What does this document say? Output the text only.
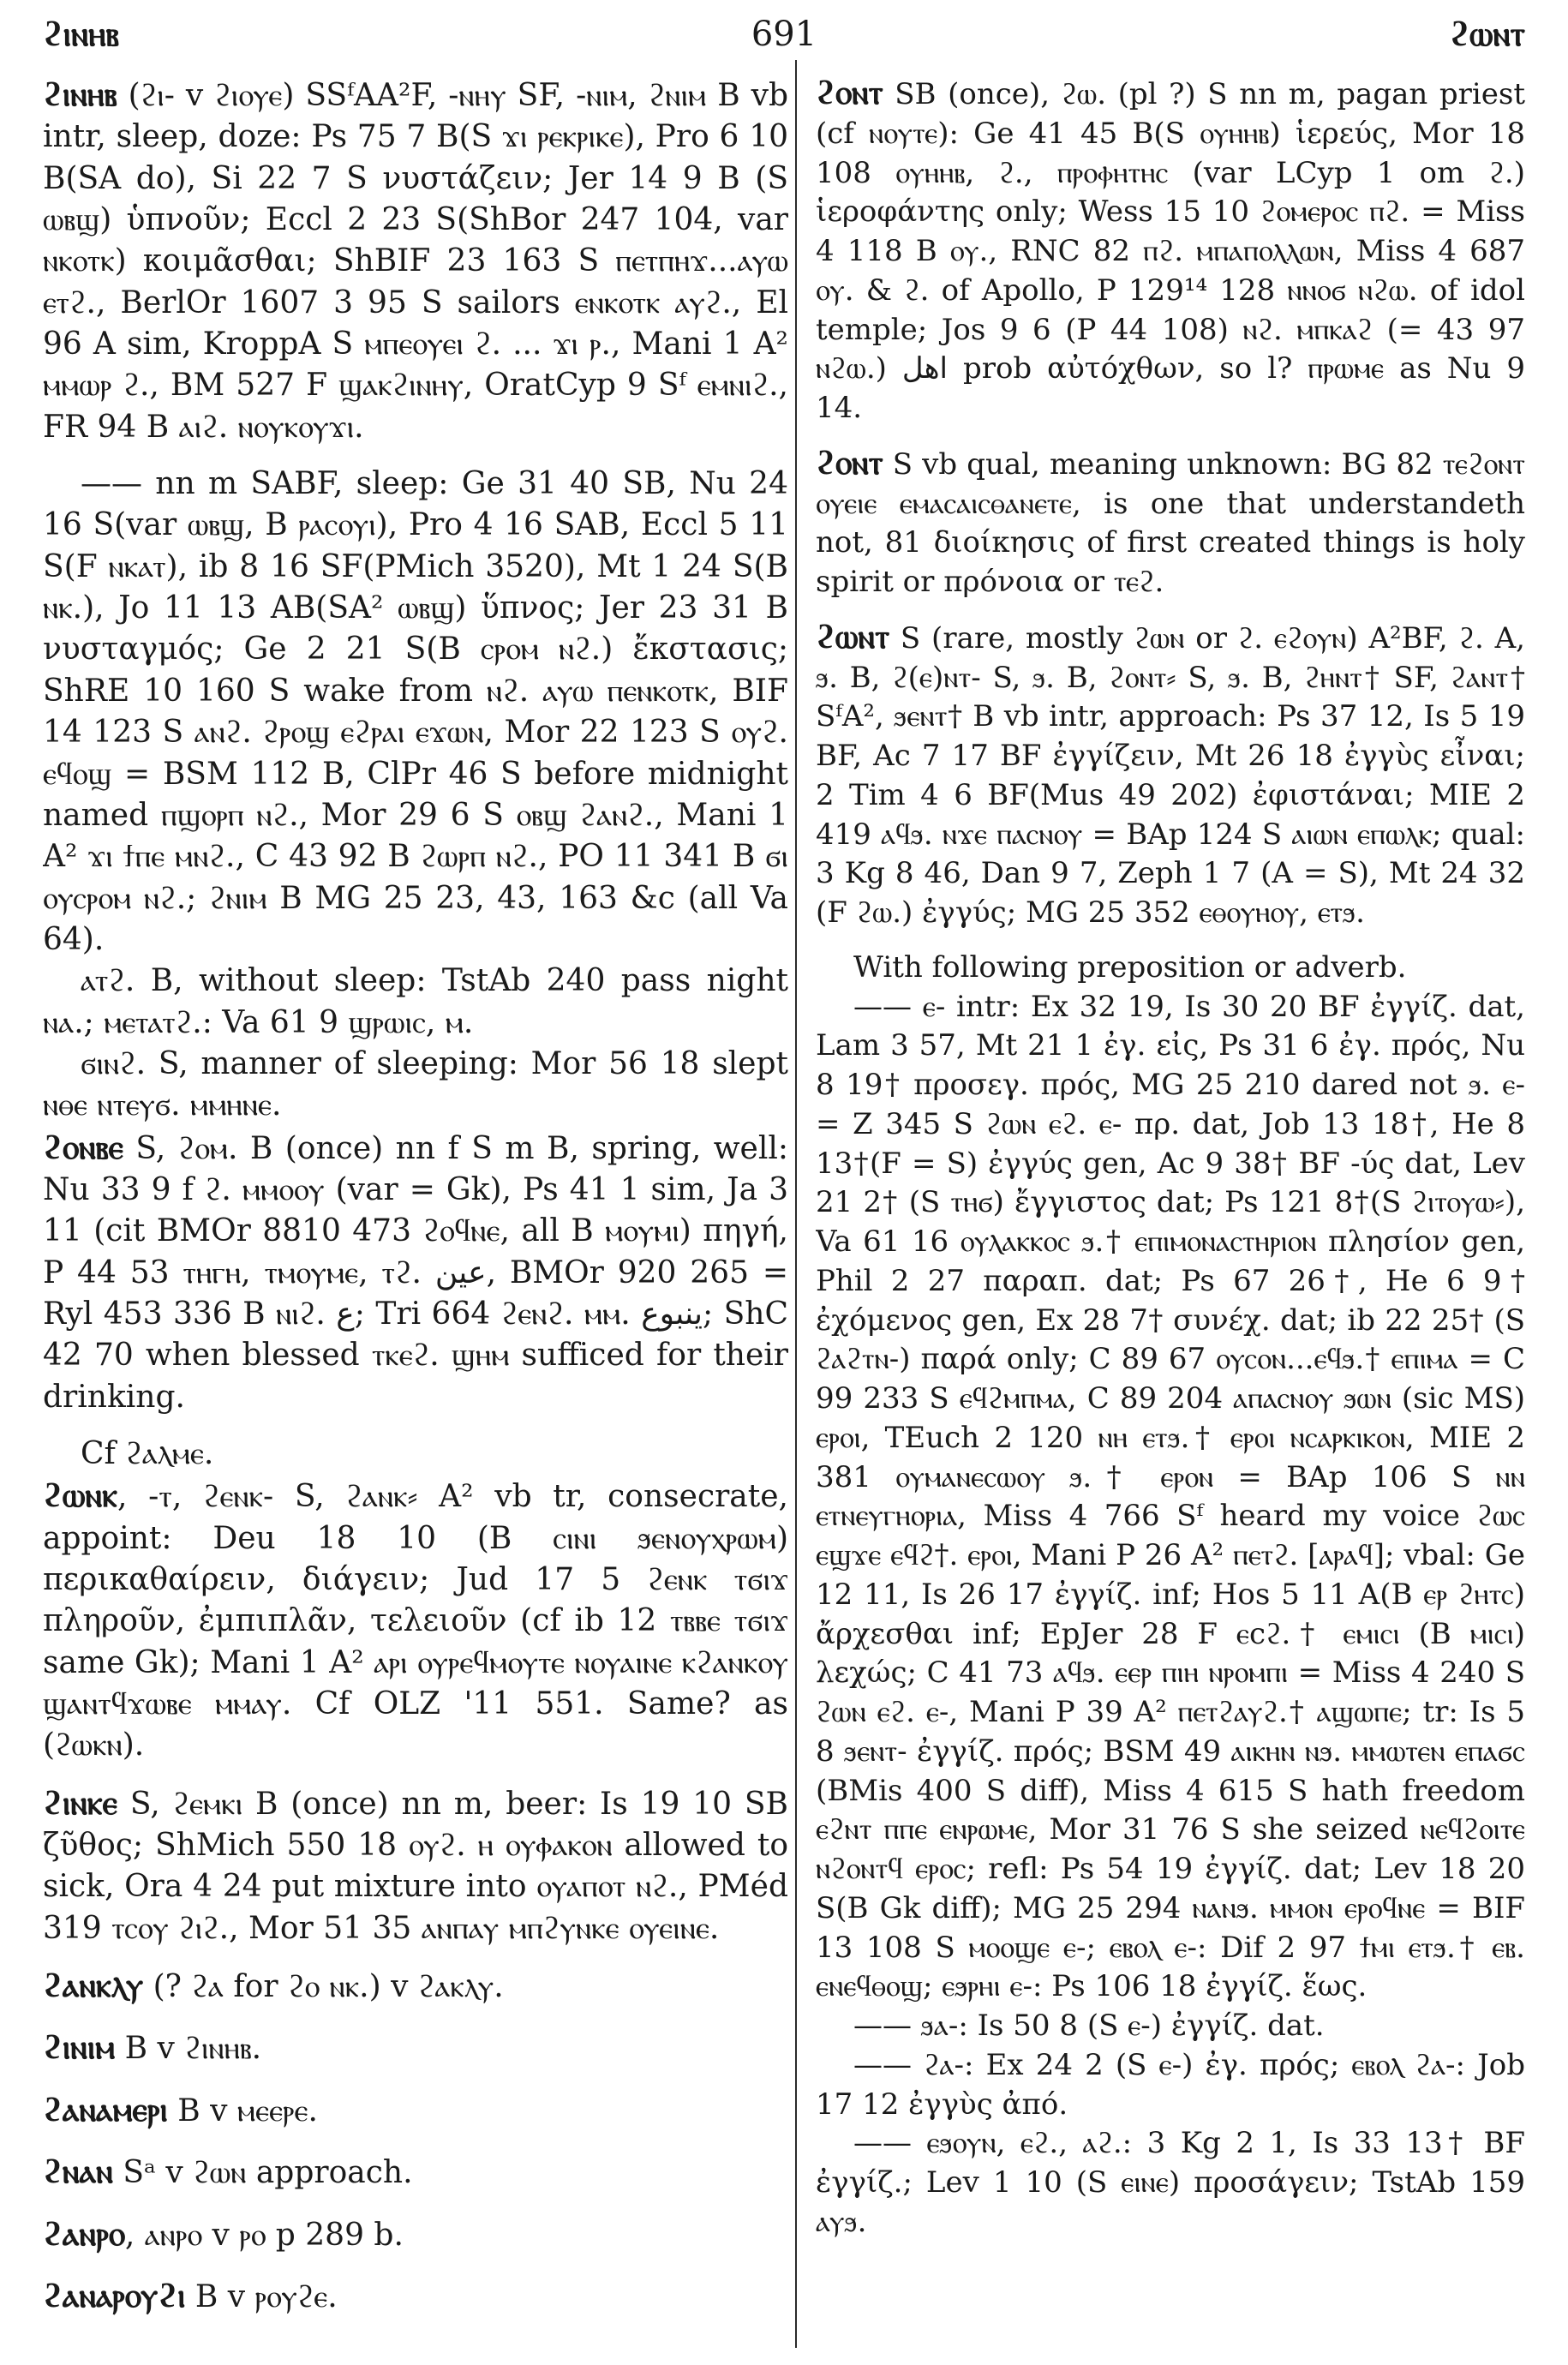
ϩⲓⲛⲏⲃ	691	ϩⲱⲛⲧ

ϩⲓⲛⲏⲃ (ϩⲓ- v ϩⲓⲟⲩⲉ) SSᶠAA²F, -ⲛⲏⲩ SF, -ⲛⲓⲙ, ϩⲛⲓⲙ B vb intr, sleep, doze: Ps 75 7 B(S ϫⲓ ⲣⲉⲕⲣⲓⲕⲉ), Pro 6 10 B(SA do), Si 22 7 S νυστάζειν; Jer 14 9 B (S ⲱⲃϣ) ὑπνοῦν; Eccl 2 23 S(ShBor 247 104, var ⲛⲕⲟⲧⲕ) κοιμᾶσθαι; ShBIF 23 163 S ⲡⲉⲧⲡⲏϫ...ⲁⲩⲱ ⲉⲧϩ., BerlOr 1607 3 95 S sailors ⲉⲛⲕⲟⲧⲕ ⲁⲩϩ., El 96 A sim, KroppA S ⲙⲡⲉⲟⲩⲉⲓ ϩ. ... ϫⲓ ⲣ., Mani 1 A² ⲙⲙⲱⲣ ϩ., BM 527 F ϣⲁⲕϩⲓⲛⲏⲩ, OratCyp 9 Sᶠ ⲉⲙⲛⲓϩ., FR 94 B ⲁⲓϩ. ⲛⲟⲩⲕⲟⲩϫⲓ.

—— nn m SABF, sleep: Ge 31 40 SB, Nu 24 16 S(var ⲱⲃϣ, B ⲣⲁⲥⲟⲩⲓ), Pro 4 16 SAB, Eccl 5 11 S(F ⲛⲕⲁⲧ), ib 8 16 SF(PMich 3520), Mt 1 24 S(B ⲛⲕ.), Jo 11 13 AB(SA² ⲱⲃϣ) ὕπνος; Jer 23 31 B νυσταγμός; Ge 2 21 S(B ⲥⲣⲟⲙ ⲛϩ.) ἔκστασις; ShRE 10 160 S wake from ⲛϩ. ⲁⲩⲱ ⲡⲉⲛⲕⲟⲧⲕ, BIF 14 123 S ⲁⲛϩ. ϩⲣⲟϣ ⲉϩⲣⲁⲓ ⲉϫⲱⲛ, Mor 22 123 S ⲟⲩϩ. ⲉϥⲟϣ = BSM 112 B, ClPr 46 S before midnight named ⲡϣⲟⲣⲡ ⲛϩ., Mor 29 6 S ⲟⲃϣ ϩⲁⲛϩ., Mani 1 A² ϫⲓ ϯⲡⲉ ⲙⲛϩ., C 43 92 B ϩⲱⲣⲡ ⲛϩ., PO 11 341 B ϭⲓ ⲟⲩⲥⲣⲟⲙ ⲛϩ.; ϩⲛⲓⲙ B MG 25 23, 43, 163 &c (all Va 64).

ⲁⲧϩ. B, without sleep: TstAb 240 pass night ⲛⲁ.; ⲙⲉⲧⲁⲧϩ.: Va 61 9 ϣⲣⲱⲓⲥ, ⲙ.

ϭⲓⲛϩ. S, manner of sleeping: Mor 56 18 slept ⲛⲑⲉ ⲛⲧⲉⲩϭ. ⲙⲙⲏⲛⲉ.

ϩⲟⲛⲃⲉ S, ϩⲟⲙ. B (once) nn f S m B, spring, well: Nu 33 9 f ϩ. ⲙⲙⲟⲟⲩ (var = Gk), Ps 41 1 sim, Ja 3 11 (cit BMOr 8810 473 ϩⲟϥⲛⲉ, all B ⲙⲟⲩⲙⲓ) πηγή, P 44 53 ⲧⲏⲅⲏ, ⲧⲙⲟⲩⲙⲉ, ⲧϩ. عين, BMOr 920 265 = Ryl 453 336 B ⲛⲓϩ. ع; Tri 664 ϩⲉⲛϩ. ⲙⲙ. ينبوع; ShC 42 70 when blessed ⲧⲕⲉϩ. ϣⲏⲙ sufficed for their drinking.

Cf ϩⲁⲗⲙⲉ.

ϩⲱⲛⲕ, -ⲧ, ϩⲉⲛⲕ- S, ϩⲁⲛⲕ⸗ A² vb tr, consecrate, appoint: Deu 18 10 (B ⲥⲓⲛⲓ ϧⲉⲛⲟⲩⲭⲣⲱⲙ) περικαθαίρειν, διάγειν; Jud 17 5 ϩⲉⲛⲕ ⲧϭⲓϫ πληροῦν, ἐμπιπλᾶν, τελειοῦν (cf ib 12 ⲧⲃⲃⲉ ⲧϭⲓϫ same Gk); Mani 1 A² ⲁⲣⲓ ⲟⲩⲣⲉϥⲙⲟⲩⲧⲉ ⲛⲟⲩⲁⲓⲛⲉ ⲕϩⲁⲛⲕⲟⲩ ϣⲁⲛⲧϥϫⲱⲃⲉ ⲙⲙⲁⲩ. Cf OLZ '11 551. Same? as (ϩⲱⲕⲛ).

ϩⲓⲛⲕⲉ S, ϩⲉⲙⲕⲓ B (once) nn m, beer: Is 19 10 SB ζῦθος; ShMich 550 18 ⲟⲩϩ. ⲏ ⲟⲩⲫⲁⲕⲟⲛ allowed to sick, Ora 4 24 put mixture into ⲟⲩⲁⲡⲟⲧ ⲛϩ., PMéd 319 ⲧⲥⲟⲩ ϩⲓϩ., Mor 51 35 ⲁⲛⲡⲁⲩ ⲙⲡϩⲩⲛⲕⲉ ⲟⲩⲉⲓⲛⲉ.

ϩⲁⲛⲕⲗⲩ (? ϩⲁ for ϩⲟ ⲛⲕ.) v ϩⲁⲕⲗⲩ.

ϩⲓⲛⲓⲙ B v ϩⲓⲛⲏⲃ.

ϩⲁⲛⲁⲙⲉⲣⲓ B v ⲙⲉⲉⲣⲉ.

ϩⲛⲁⲛ Sᵃ v ϩⲱⲛ approach.

ϩⲁⲛⲣⲟ, ⲁⲛⲣⲟ v ⲣⲟ p 289 b.

ϩⲁⲛⲁⲣⲟⲩϩⲓ B v ⲣⲟⲩϩⲉ.

ϩⲟⲛⲧ SB (once), ϩⲱ. (pl ?) S nn m, pagan priest (cf ⲛⲟⲩⲧⲉ): Ge 41 45 B(S ⲟⲩⲏⲏⲃ) ἱερεύς, Mor 18 108 ⲟⲩⲏⲏⲃ, ϩ., ⲡⲣⲟⲫⲏⲧⲏⲥ (var LCyp 1 om ϩ.) ἱεροφάντης only; Wess 15 10 ϩⲟⲙⲉⲣⲟⲥ ⲡϩ. = Miss 4 118 B ⲟⲩ., RNC 82 ⲡϩ. ⲙⲡⲁⲡⲟⲗⲗⲱⲛ, Miss 4 687 ⲟⲩ. & ϩ. of Apollo, P 129¹⁴ 128 ⲛⲛⲟϭ ⲛϩⲱ. of idol temple; Jos 9 6 (P 44 108) ⲛϩ. ⲙⲡⲕⲁϩ (= 43 97 ⲛϩⲱ.) اهل prob αὐτόχθων, so l? ⲡⲣⲱⲙⲉ as Nu 9 14.

ϩⲟⲛⲧ S vb qual, meaning unknown: BG 82 ⲧⲉϩⲟⲛⲧ ⲟⲩⲉⲓⲉ ⲉⲙⲁⲥⲁⲓⲥⲑⲁⲛⲉⲧⲉ, is one that understandeth not, 81 διοίκησις of first created things is holy spirit or πρόνοια or ⲧⲉϩ.

ϩⲱⲛⲧ S (rare, mostly ϩⲱⲛ or ϩ. ⲉϩⲟⲩⲛ) A²BF, ϩ. A, ϧ. B, ϩ(ⲉ)ⲛⲧ- S, ϧ. B, ϩⲟⲛⲧ⸗ S, ϧ. B, ϩⲏⲛⲧ† SF, ϩⲁⲛⲧ† SᶠA², ϧⲉⲛⲧ† B vb intr, approach: Ps 37 12, Is 5 19 BF, Ac 7 17 BF ἐγγίζειν, Mt 26 18 ἐγγὺς εἶναι; 2 Tim 4 6 BF(Mus 49 202) ἐφιστάναι; MIE 2 419 ⲁϥϧ. ⲛϫⲉ ⲡⲁⲥⲛⲟⲩ = BAp 124 S ⲁⲓⲱⲛ ⲉⲡⲱⲗⲕ; qual: 3 Kg 8 46, Dan 9 7, Zeph 1 7 (A = S), Mt 24 32 (F ϩⲱ.) ἐγγύς; MG 25 352 ⲉⲑⲟⲩⲏⲟⲩ, ⲉⲧϧ.

With following preposition or adverb.

—— ⲉ- intr: Ex 32 19, Is 30 20 BF ἐγγίζ. dat, Lam 3 57, Mt 21 1 ἐγ. εἰς, Ps 31 6 ἐγ. πρός, Nu 8 19† προσεγ. πρός, MG 25 210 dared not ϧ. ⲉ- = Z 345 S ϩⲱⲛ ⲉϩ. ⲉ- πρ. dat, Job 13 18†, He 8 13†(F = S) ἐγγύς gen, Ac 9 38† BF -ύς dat, Lev 21 2† (S ⲧⲏϭ) ἔγγιστος dat; Ps 121 8†(S ϩⲓⲧⲟⲩⲱ⸗), Va 61 16 ⲟⲩⲗⲁⲕⲕⲟⲥ ϧ.† ⲉⲡⲓⲙⲟⲛⲁⲥⲧⲏⲣⲓⲟⲛ πλησίον gen, Phil 2 27 παραπ. dat; Ps 67 26†, He 6 9† ἐχόμενος gen, Ex 28 7† συνέχ. dat; ib 22 25† (S ϩⲁϩⲧⲛ-) παρά only; C 89 67 ⲟⲩⲥⲟⲛ...ⲉϥϧ.† ⲉⲡⲓⲙⲁ = C 99 233 S ⲉϥϩⲙⲡⲙⲁ, C 89 204 ⲁⲡⲁⲥⲛⲟⲩ ϧⲱⲛ (sic MS) ⲉⲣⲟⲓ, TEuch 2 120 ⲛⲏ ⲉⲧϧ.† ⲉⲣⲟⲓ ⲛⲥⲁⲣⲕⲓⲕⲟⲛ, MIE 2 381 ⲟⲩⲙⲁⲛⲉⲥⲱⲟⲩ ϧ.† ⲉⲣⲟⲛ = BAp 106 S ⲛⲛ ⲉⲧⲛⲉⲩⲅⲏⲟⲣⲓⲁ, Miss 4 766 Sᶠ heard my voice ϩⲱⲥ ⲉϣϫⲉ ⲉϥϩ†. ⲉⲣⲟⲓ, Mani P 26 A² ⲡⲉⲧϩ. [ⲁⲣⲁϥ]; vbal: Ge 12 11, Is 26 17 ἐγγίζ. inf; Hos 5 11 A(B ⲉⲣ ϩⲏⲧⲥ) ἄρχεσθαι inf; EpJer 28 F ⲉϲϩ.† ⲉⲙⲓⲥⲓ (B ⲙⲓⲥⲓ) λεχώς; C 41 73 ⲁϥϧ. ⲉⲉⲣ ⲡⲓⲏ ⲛⲣⲟⲙⲡⲓ = Miss 4 240 S ϩⲱⲛ ⲉϩ. ⲉ-, Mani P 39 A² ⲡⲉⲧϩⲁⲩϩ.† ⲁϣⲱⲡⲉ; tr: Is 5 8 ϧⲉⲛⲧ- ἐγγίζ. πρός; BSM 49 ⲁⲓⲕⲏⲛ ⲛϧ. ⲙⲙⲱⲧⲉⲛ ⲉⲡⲁϭⲥ (BMis 400 S diff), Miss 4 615 S hath freedom ⲉϩⲛⲧ ⲡⲡⲉ ⲉⲛⲣⲱⲙⲉ, Mor 31 76 S she seized ⲛⲉϥϩⲟⲓⲧⲉ ⲛϩⲟⲛⲧϥ ⲉⲣⲟⲥ; refl: Ps 54 19 ἐγγίζ. dat; Lev 18 20 S(B Gk diff); MG 25 294 ⲛⲁⲛϧ. ⲙⲙⲟⲛ ⲉⲣⲟϥⲛⲉ = BIF 13 108 S ⲙⲟⲟϣⲉ ⲉ-; ⲉⲃⲟⲗ ⲉ-: Dif 2 97 ϯⲙⲓ ⲉⲧϧ.† ⲉⲃ. ⲉⲛⲉϥⲑⲟϣ; ⲉϧⲣⲏⲓ ⲉ-: Ps 106 18 ἐγγίζ. ἕως.

—— ϧⲁ-: Is 50 8 (S ⲉ-) ἐγγίζ. dat.

—— ϩⲁ-: Ex 24 2 (S ⲉ-) ἐγ. πρός; ⲉⲃⲟⲗ ϩⲁ-: Job 17 12 ἐγγὺς ἀπό.

—— ⲉϧⲟⲩⲛ, ⲉϩ., ⲁϩ.: 3 Kg 2 1, Is 33 13† BF ἐγγίζ.; Lev 1 10 (S ⲉⲓⲛⲉ) προσάγειν; TstAb 159 ⲁⲩϧ.
